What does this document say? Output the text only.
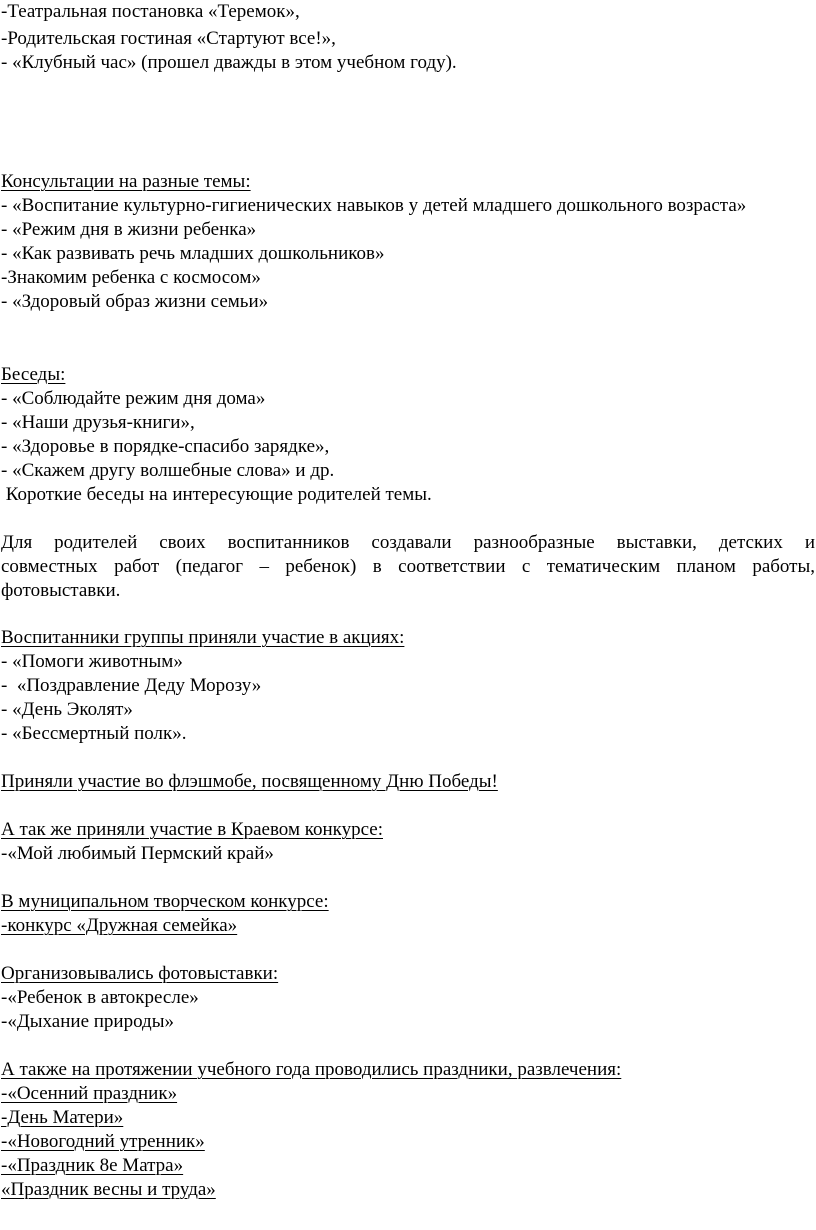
-Театральная постановка «Теремок»,
-Родительская гостиная «Стартуют все!»,
- «Клубный час» (прошел дважды в этом учебном году).
Консультации на разные темы:
- «Воспитание культурно-гигиенических навыков у детей младшего дошкольного возраста»
- «Режим дня в жизни ребенка»
- «Как развивать речь младших дошкольников»
-Знакомим ребенка с космосом»
- «Здоровый образ жизни семьи»
Беседы:
- «Соблюдайте режим дня дома»
- «Наши друзья-книги»,
- «Здоровье в порядке-спасибо зарядке»,
- «Скажем другу волшебные слова» и др.
Короткие беседы на интересующие родителей темы.
Для родителей своих воспитанников создавали разнообразные выставки, детских и
совместных работ (педагог – ребенок) в соответствии с тематическим планом работы,
фотовыставки.
Воспитанники группы приняли участие в акциях:
- «Помоги животным»
-  «Поздравление Деду Морозу»
- «День Эколят»
- «Бессмертный полк».
Приняли участие во флэшмобе, посвященному Дню Победы!
А так же приняли участие в Краевом конкурсе:
-«Мой любимый Пермский край»
В муниципальном творческом конкурсе:
-конкурс «Дружная семейка»
Организовывались фотовыставки:
-«Ребенок в автокресле»
-«Дыхание природы»
А также на протяжении учебного года проводились праздники, развлечения:
-«Осенний праздник»
-День Матери»
-«Новогодний утренник»
-«Праздник 8е Матра»
«Праздник весны и труда»
